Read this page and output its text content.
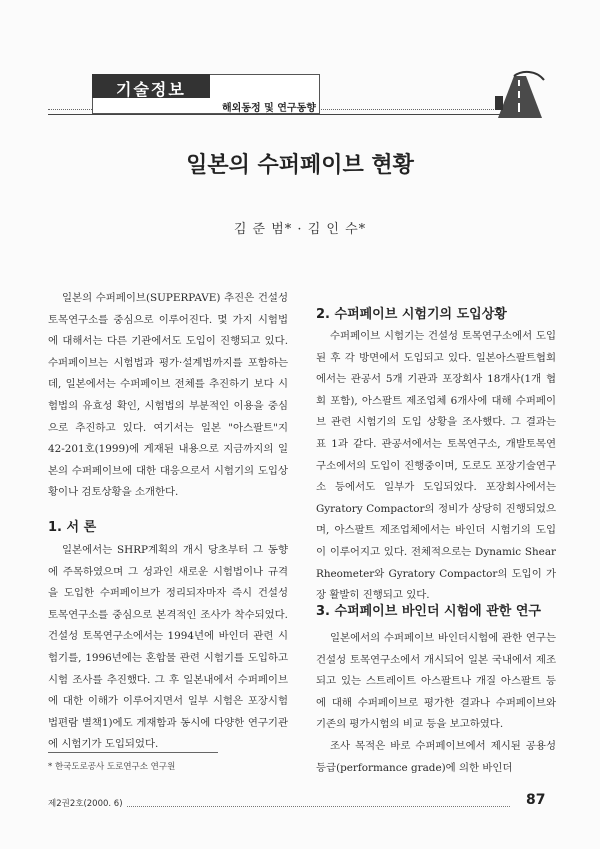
기술정보
해외동정 및 연구동향
일본의 수퍼페이브 현황
김 준 범* · 김 인 수*

일본의 수퍼페이브(SUPERPAVE) 추진은 건설성 토목연구소를 중심으로 이루어진다. 몇 가지 시험법에 대해서는 다른 기관에서도 도입이 진행되고 있다. 수퍼페이브는 시험법과 평가·설계법까지를 포함하는데, 일본에서는 수퍼페이브 전체를 추진하기 보다 시험법의 유효성 확인, 시험법의 부분적인 이용을 중심으로 추진하고 있다. 여기서는 일본 "아스팔트"지 42-201호(1999)에 게재된 내용으로 지금까지의 일본의 수퍼페이브에 대한 대응으로서 시험기의 도입상황이나 검토상황을 소개한다.

1. 서 론

일본에서는 SHRP계획의 개시 당초부터 그 동향에 주목하였으며 그 성과인 새로운 시험법이나 규격을 도입한 수퍼페이브가 정리되자마자 즉시 건설성 토목연구소를 중심으로 본격적인 조사가 착수되었다. 건설성 토목연구소에서는 1994년에 바인더 관련 시험기를, 1996년에는 혼합물 관련 시험기를 도입하고 시험 조사를 추진했다. 그 후 일본내에서 수퍼페이브에 대한 이해가 이루어지면서 일부 시험은 포장시험법편람 별책1)에도 게재함과 동시에 다양한 연구기관에 시험기가 도입되었다.

* 한국도로공사 도로연구소 연구원
2. 수퍼페이브 시험기의 도입상황

수퍼페이브 시험기는 건설성 토목연구소에서 도입된 후 각 방면에서 도입되고 있다. 일본아스팔트협회에서는 관공서 5개 기관과 포장회사 18개사(1개 협회 포함), 아스팔트 제조업체 6개사에 대해 수퍼페이브 관련 시험기의 도입 상황을 조사했다. 그 결과는 표 1과 같다. 관공서에서는 토목연구소, 개발토목연구소에서의 도입이 진행중이며, 도로도 포장기술연구소 등에서도 일부가 도입되었다. 포장회사에서는 Gyratory Compactor의 정비가 상당히 진행되었으며, 아스팔트 제조업체에서는 바인더 시험기의 도입이 이루어지고 있다. 전체적으로는 Dynamic Shear Rheometer와 Gyratory Compactor의 도입이 가장 활발히 진행되고 있다.

3. 수퍼페이브 바인더 시험에 관한 연구

일본에서의 수퍼페이브 바인더시험에 관한 연구는 건설성 토목연구소에서 개시되어 일본 국내에서 제조되고 있는 스트레이트 아스팔트나 개질 아스팔트 등에 대해 수퍼페이브로 평가한 결과나 수퍼페이브와 기존의 평가시험의 비교 등을 보고하였다.

조사 목적은 바로 수퍼페이브에서 제시된 공용성 등급(performance grade)에 의한 바인더

제2권2호(2000. 6)	87
